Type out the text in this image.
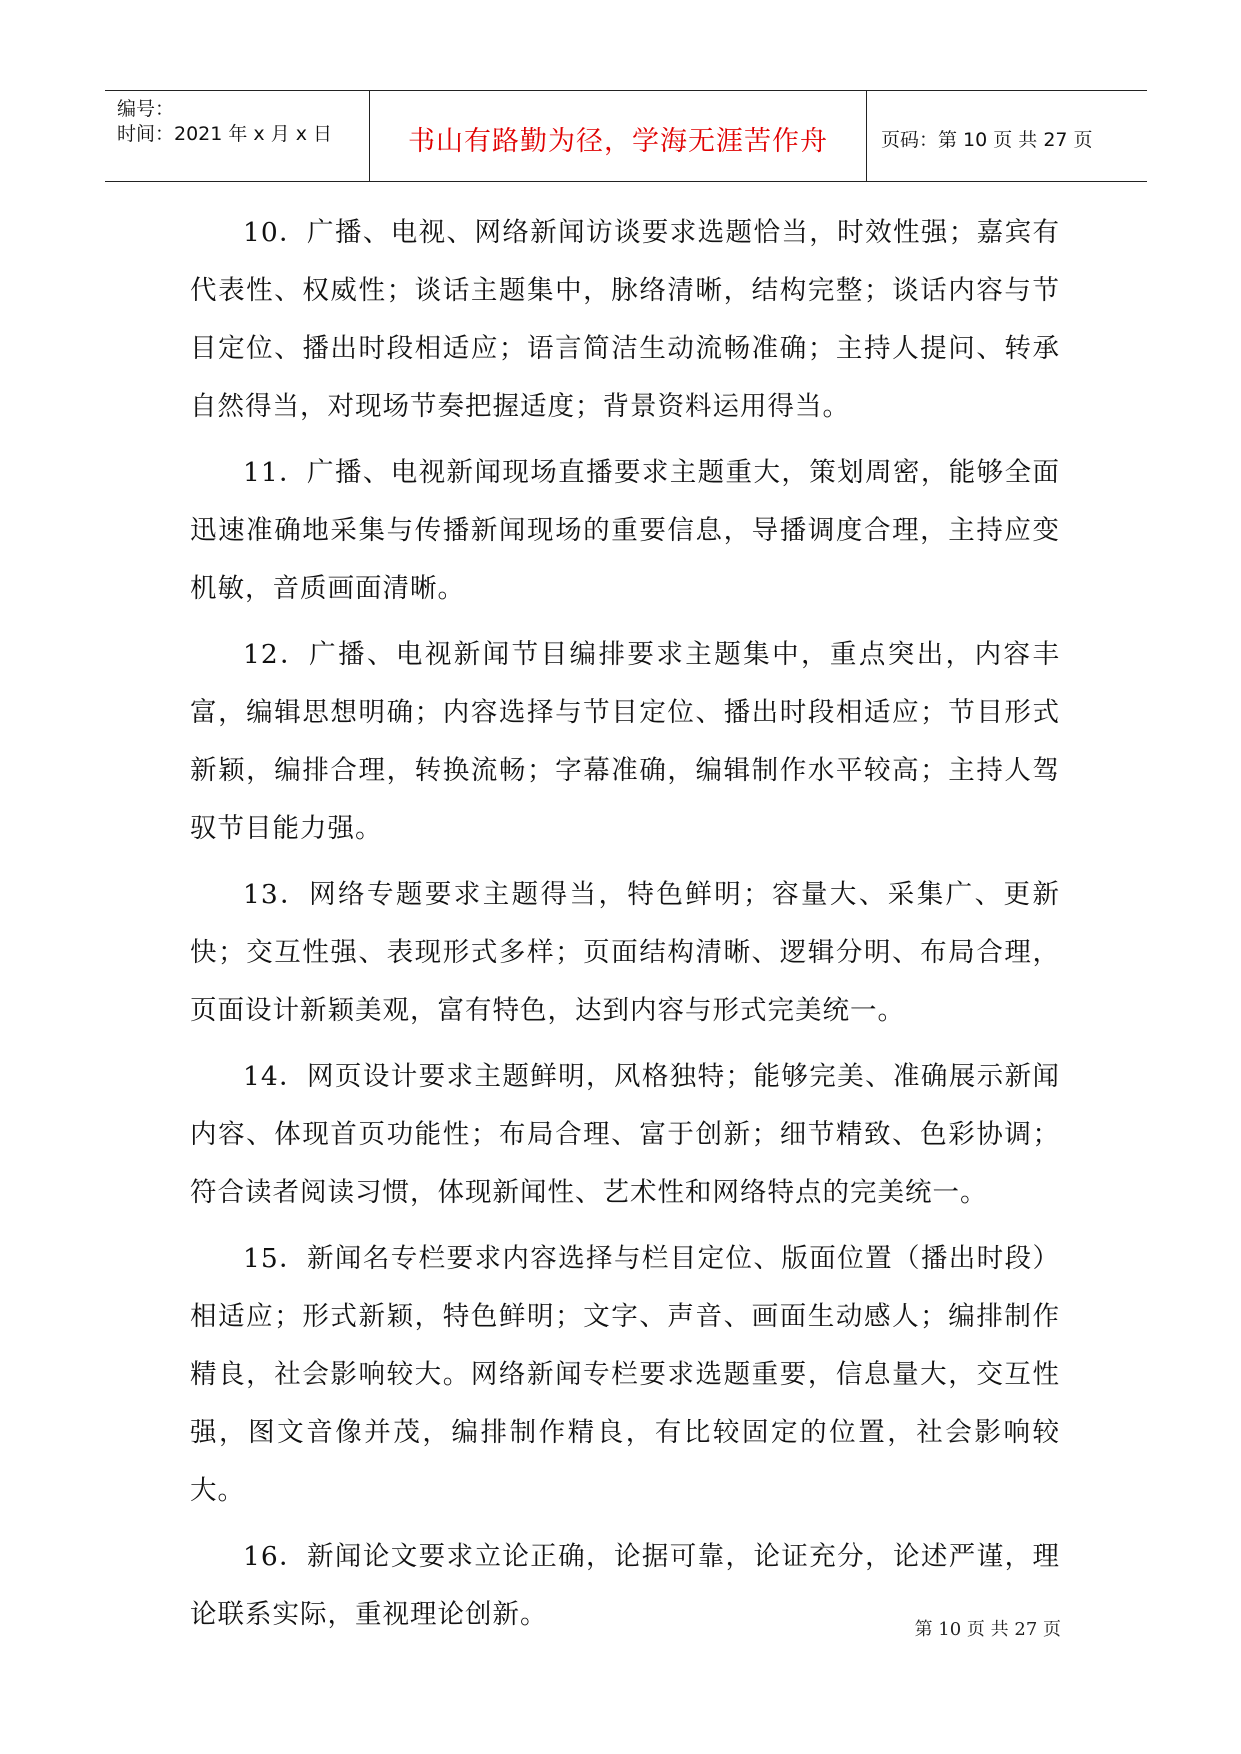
编号：
时间：2021 年 x 月 x 日	书山有路勤为径，学海无涯苦作舟	页码：第 10 页 共 27 页

10．广播、电视、网络新闻访谈要求选题恰当，时效性强；嘉宾有代表性、权威性；谈话主题集中，脉络清晰，结构完整；谈话内容与节目定位、播出时段相适应；语言简洁生动流畅准确；主持人提问、转承自然得当，对现场节奏把握适度；背景资料运用得当。

11．广播、电视新闻现场直播要求主题重大，策划周密，能够全面迅速准确地采集与传播新闻现场的重要信息，导播调度合理，主持应变机敏，音质画面清晰。

12．广播、电视新闻节目编排要求主题集中，重点突出，内容丰富，编辑思想明确；内容选择与节目定位、播出时段相适应；节目形式新颖，编排合理，转换流畅；字幕准确，编辑制作水平较高；主持人驾驭节目能力强。

13．网络专题要求主题得当，特色鲜明；容量大、采集广、更新快；交互性强、表现形式多样；页面结构清晰、逻辑分明、布局合理，页面设计新颖美观，富有特色，达到内容与形式完美统一。

14．网页设计要求主题鲜明，风格独特；能够完美、准确展示新闻内容、体现首页功能性；布局合理、富于创新；细节精致、色彩协调；符合读者阅读习惯，体现新闻性、艺术性和网络特点的完美统一。

15．新闻名专栏要求内容选择与栏目定位、版面位置（播出时段）相适应；形式新颖，特色鲜明；文字、声音、画面生动感人；编排制作精良，社会影响较大。网络新闻专栏要求选题重要，信息量大，交互性强，图文音像并茂，编排制作精良，有比较固定的位置，社会影响较大。

16．新闻论文要求立论正确，论据可靠，论证充分，论述严谨，理论联系实际，重视理论创新。	第 10 页 共 27 页
